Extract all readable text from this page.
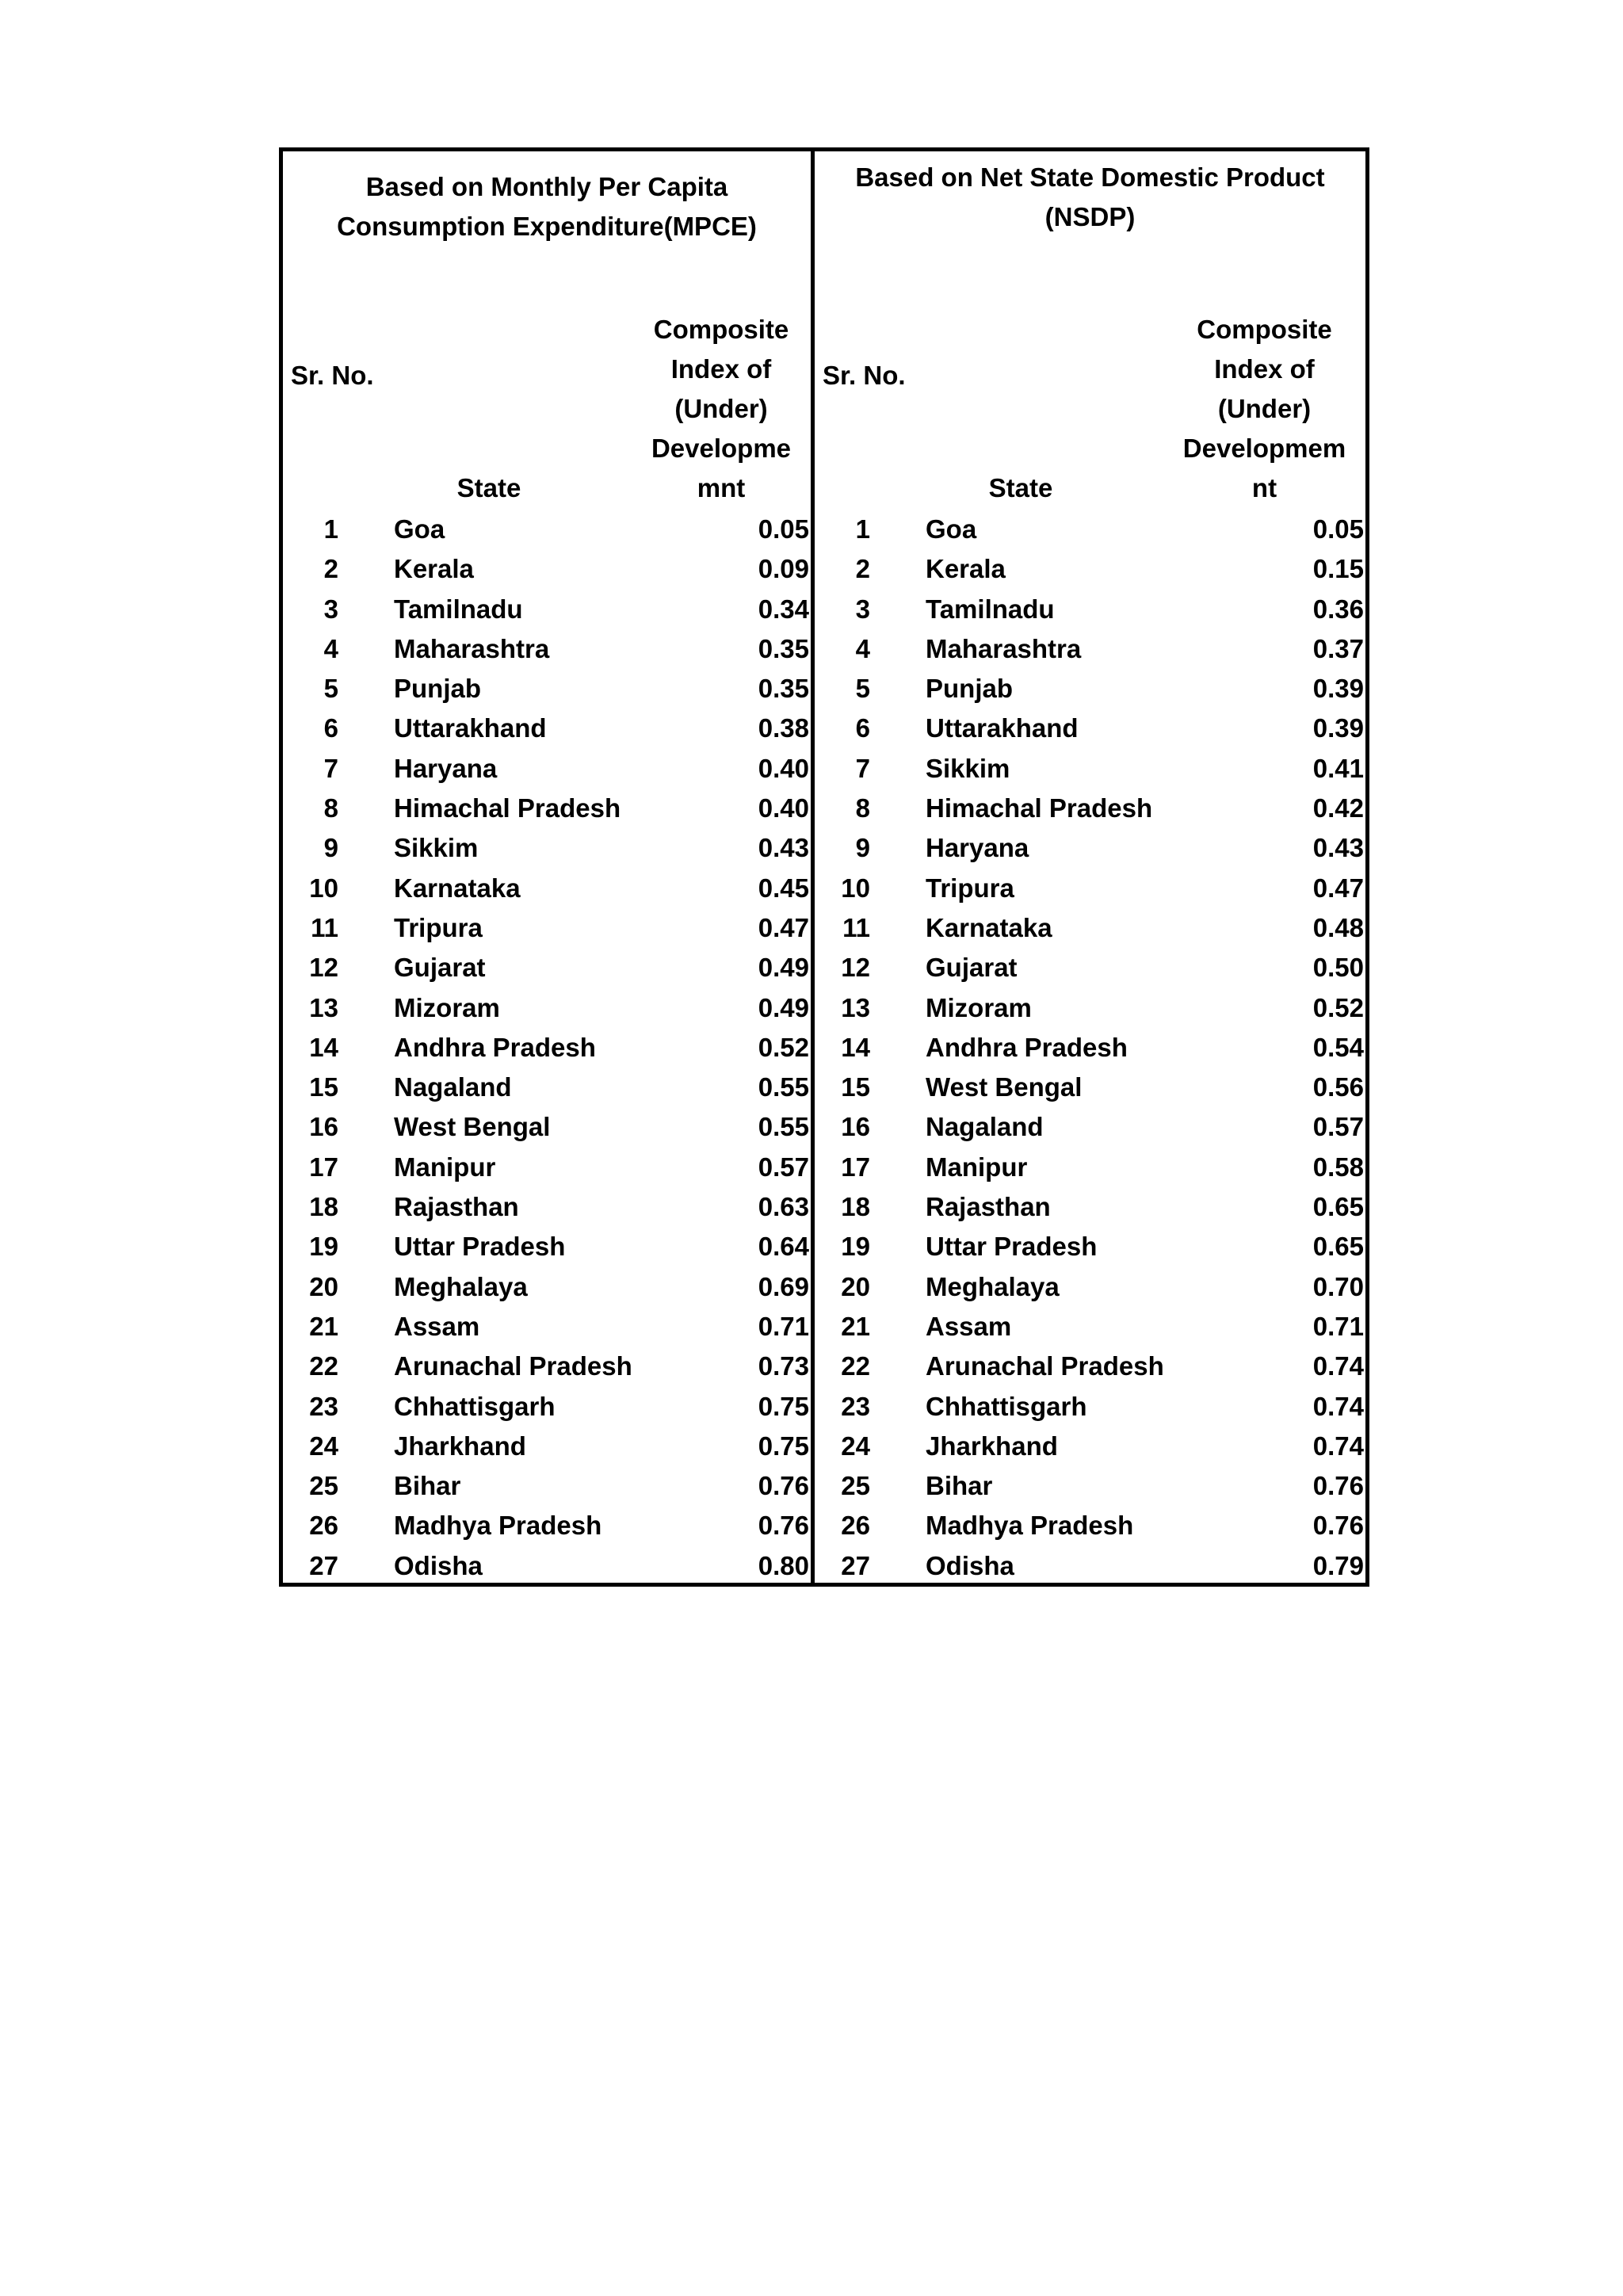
Based on Monthly Per Capita
Consumption Expenditure(MPCE)
Sr. No.
Composite
Index of
(Under)
Developme
mnt
State
1 Goa	0.05
2 Kerala	0.09
3 Tamilnadu	0.34
4 Maharashtra	0.35
5 Punjab	0.35
6 Uttarakhand	0.38
7 Haryana	0.40
8 Himachal Pradesh	0.40
9 Sikkim	0.43
10 Karnataka	0.45
11 Tripura	0.47
12 Gujarat	0.49
13 Mizoram	0.49
14 Andhra Pradesh	0.52
15 Nagaland	0.55
16 West Bengal	0.55
17 Manipur	0.57
18 Rajasthan	0.63
19 Uttar Pradesh	0.64
20 Meghalaya	0.69
21 Assam	0.71
22 Arunachal Pradesh	0.73
23 Chhattisgarh	0.75
24 Jharkhand	0.75
25 Bihar	0.76
26 Madhya Pradesh	0.76
27 Odisha	0.80
Based on Net State Domestic Product
(NSDP)
Sr. No.
Composite
Index of
(Under)
Developmem
nt
State
1 Goa	0.05
2 Kerala	0.15
3 Tamilnadu	0.36
4 Maharashtra	0.37
5 Punjab	0.39
6 Uttarakhand	0.39
7 Sikkim	0.41
8 Himachal Pradesh	0.42
9 Haryana	0.43
10 Tripura	0.47
11 Karnataka	0.48
12 Gujarat	0.50
13 Mizoram	0.52
14 Andhra Pradesh	0.54
15 West Bengal	0.56
16 Nagaland	0.57
17 Manipur	0.58
18 Rajasthan	0.65
19 Uttar Pradesh	0.65
20 Meghalaya	0.70
21 Assam	0.71
22 Arunachal Pradesh	0.74
23 Chhattisgarh	0.74
24 Jharkhand	0.74
25 Bihar	0.76
26 Madhya Pradesh	0.76
27 Odisha	0.79
